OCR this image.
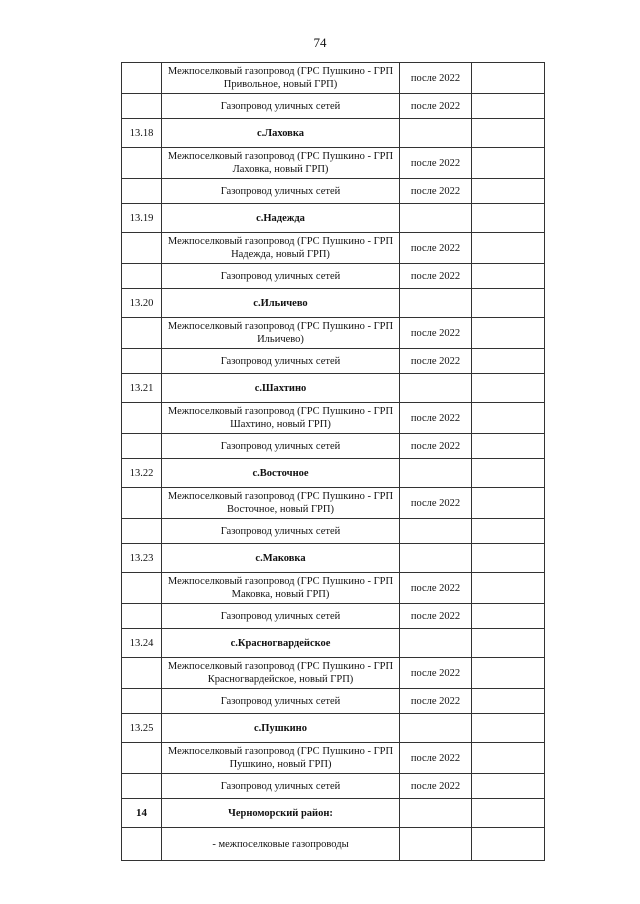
74
	Межпоселковый газопровод (ГРС Пушкино - ГРП Привольное, новый ГРП)	после 2022	
	Газопровод уличных сетей	после 2022	
13.18	с.Лаховка		
	Межпоселковый газопровод (ГРС Пушкино - ГРП Лаховка, новый ГРП)	после 2022	
	Газопровод уличных сетей	после 2022	
13.19	с.Надежда		
	Межпоселковый газопровод (ГРС Пушкино - ГРП Надежда, новый ГРП)	после 2022	
	Газопровод уличных сетей	после 2022	
13.20	с.Ильичево		
	Межпоселковый газопровод (ГРС Пушкино - ГРП Ильичево)	после 2022	
	Газопровод уличных сетей	после 2022	
13.21	с.Шахтино		
	Межпоселковый газопровод (ГРС Пушкино - ГРП Шахтино, новый ГРП)	после 2022	
	Газопровод уличных сетей	после 2022	
13.22	с.Восточное		
	Межпоселковый газопровод (ГРС Пушкино - ГРП Восточное, новый ГРП)	после 2022	
	Газопровод уличных сетей		
13.23	с.Маковка		
	Межпоселковый газопровод (ГРС Пушкино - ГРП Маковка, новый ГРП)	после 2022	
	Газопровод уличных сетей	после 2022	
13.24	с.Красногвардейское		
	Межпоселковый газопровод (ГРС Пушкино - ГРП Красногвардейское, новый ГРП)	после 2022	
	Газопровод уличных сетей	после 2022	
13.25	с.Пушкино		
	Межпоселковый газопровод (ГРС Пушкино - ГРП Пушкино, новый ГРП)	после 2022	
	Газопровод уличных сетей	после 2022	
14	Черноморский район:		
	- межпоселковые газопроводы		
